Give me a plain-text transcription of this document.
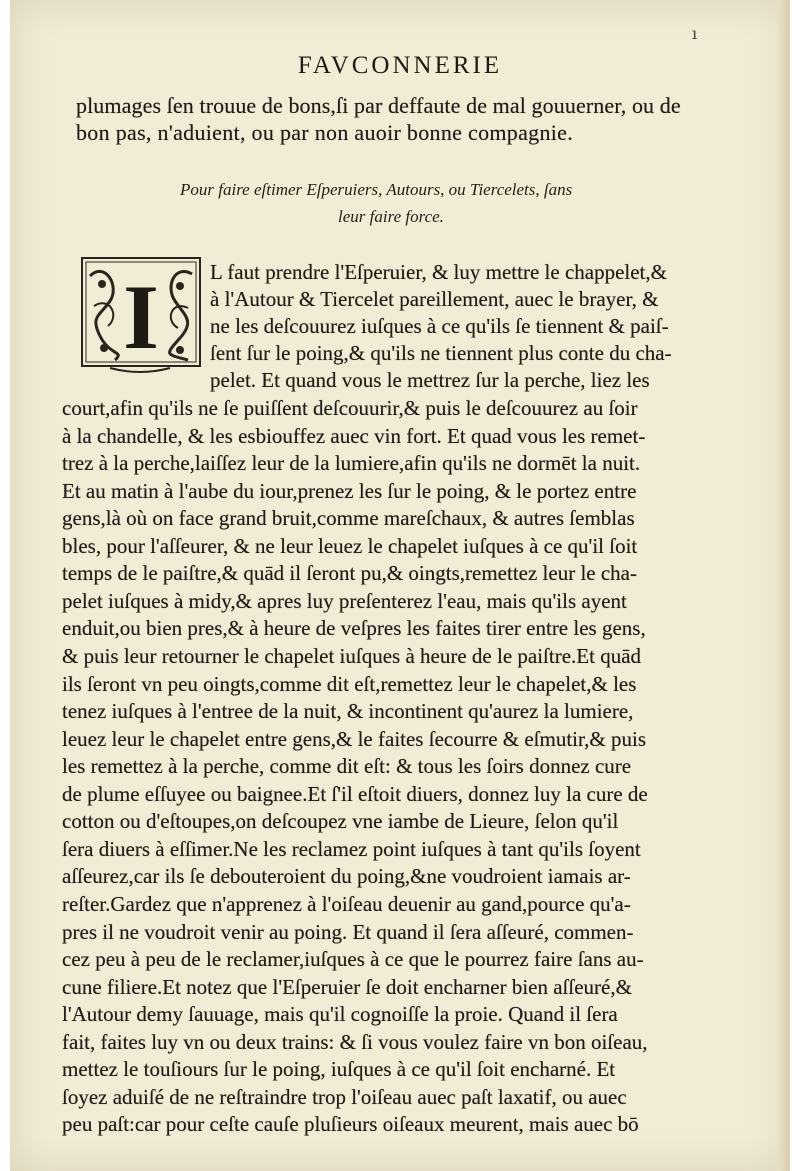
ı
FAVCONNERIE
plumages ſen trouue de bons,ſi par deffaute de mal gouuerner, ou de
bon pas, n'aduient, ou par non auoir bonne compagnie.
Pour faire eſtimer Eſperuiers, Autours, ou Tiercelets, ſans
leur faire force.
I L faut prendre l'Eſperuier, & luy mettre le chappelet,&
à l'Autour & Tiercelet pareillement, auec le brayer, &
ne les deſcouurez iuſques à ce qu'ils ſe tiennent & paiſ-
ſent ſur le poing,& qu'ils ne tiennent plus conte du cha-
pelet. Et quand vous le mettrez ſur la perche, liez les
court,afin qu'ils ne ſe puiſſent deſcouurir,& puis le deſcouurez au ſoir
à la chandelle, & les esbiouffez auec vin fort. Et quad vous les remet-
trez à la perche,laiſſez leur de la lumiere,afin qu'ils ne dormēt la nuit.
Et au matin à l'aube du iour,prenez les ſur le poing, & le portez entre
gens,là où on face grand bruit,comme mareſchaux, & autres ſemblas
bles, pour l'aſſeurer, & ne leur leuez le chapelet iuſques à ce qu'il ſoit
temps de le paiſtre,& quād il ſeront pu,& oingts,remettez leur le cha-
pelet iuſques à midy,& apres luy preſenterez l'eau, mais qu'ils ayent
enduit,ou bien pres,& à heure de veſpres les faites tirer entre les gens,
& puis leur retourner le chapelet iuſques à heure de le paiſtre.Et quād
ils ſeront vn peu oingts,comme dit eſt,remettez leur le chapelet,& les
tenez iuſques à l'entree de la nuit, & incontinent qu'aurez la lumiere,
leuez leur le chapelet entre gens,& le faites ſecourre & eſmutir,& puis
les remettez à la perche, comme dit eſt: & tous les ſoirs donnez cure
de plume eſſuyee ou baignee.Et ſ'il eſtoit diuers, donnez luy la cure de
cotton ou d'eſtoupes,on deſcoupez vne iambe de Lieure, ſelon qu'il
ſera diuers à eſſimer.Ne les reclamez point iuſques à tant qu'ils ſoyent
aſſeurez,car ils ſe debouteroient du poing,&ne voudroient iamais ar-
reſter.Gardez que n'apprenez à l'oiſeau deuenir au gand,pource qu'a-
pres il ne voudroit venir au poing. Et quand il ſera aſſeuré, commen-
cez peu à peu de le reclamer,iuſques à ce que le pourrez faire ſans au-
cune filiere.Et notez que l'Eſperuier ſe doit encharner bien aſſeuré,&
l'Autour demy ſauuage, mais qu'il cognoiſſe la proie. Quand il ſera
fait, faites luy vn ou deux trains: & ſi vous voulez faire vn bon oiſeau,
mettez le touſiours ſur le poing, iuſques à ce qu'il ſoit encharné. Et
ſoyez aduiſé de ne reſtraindre trop l'oiſeau auec paſt laxatif, ou auec
peu paſt:car pour ceſte cauſe pluſieurs oiſeaux meurent, mais auec bō
